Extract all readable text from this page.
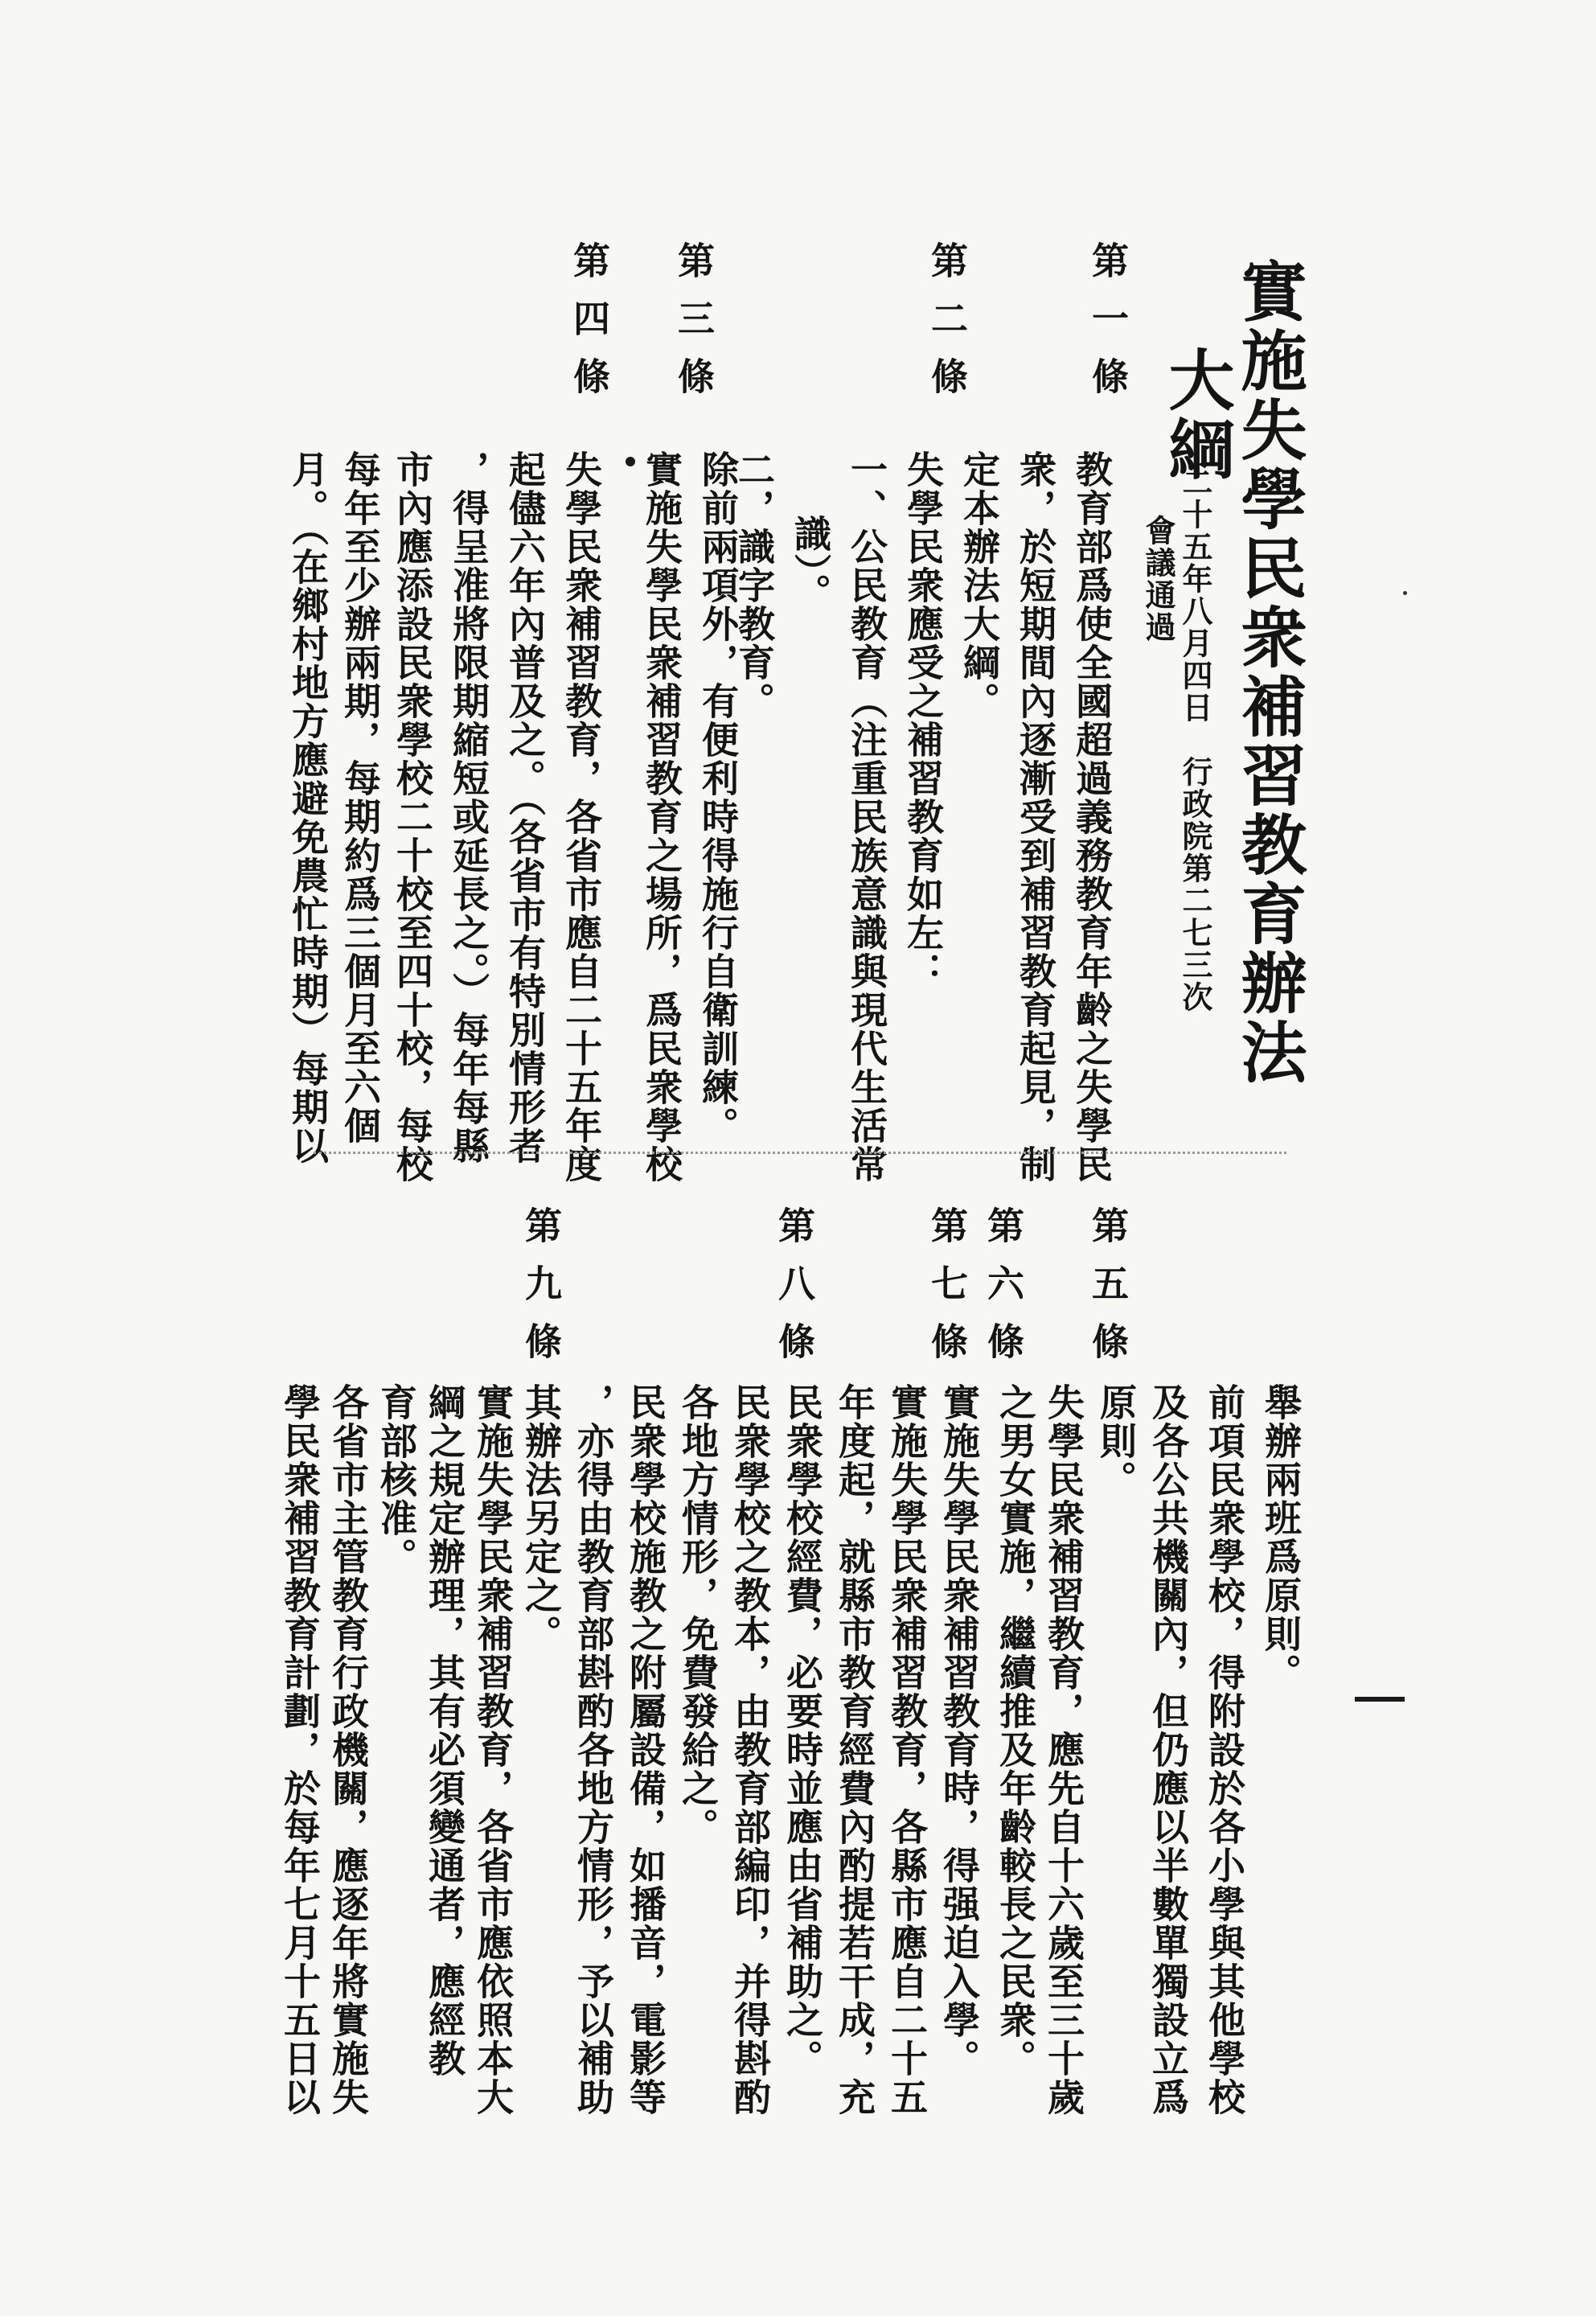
實施失學民衆補習教育辦法
大綱
二十五年八月四日　行政院第二七三次
會議通過
第一條
教育部爲使全國超過義務教育年齡之失學民
衆，於短期間內逐漸受到補習教育起見，制
定本辦法大綱。
第二條
失學民衆應受之補習教育如左：
一、公民教育（注重民族意識與現代生活常
識）。
二，識字教育。
第三條
除前兩項外，有便利時得施行自衛訓練。
實施失學民衆補習教育之場所，爲民衆學校
第四條
失學民衆補習教育，各省市應自二十五年度
起儘六年內普及之。（各省市有特別情形者
，得呈准將限期縮短或延長之。）每年每縣
市內應添設民衆學校二十校至四十校，每校
每年至少辦兩期，每期約爲三個月至六個
月。（在鄉村地方應避免農忙時期）每期以
舉辦兩班爲原則。
前項民衆學校，得附設於各小學與其他學校
及各公共機關內，但仍應以半數單獨設立爲
原則。
第五條
失學民衆補習教育，應先自十六歲至三十歲
第六條
之男女實施，繼續推及年齡較長之民衆。
實施失學民衆補習教育時，得强迫入學。
第七條
實施失學民衆補習教育，各縣市應自二十五
年度起，就縣市教育經費內酌提若干成，充
民衆學校經費，必要時並應由省補助之。
第八條
民衆學校之教本，由教育部編印，并得斟酌
各地方情形，免費發給之。
民衆學校施教之附屬設備，如播音，電影等
，亦得由教育部斟酌各地方情形，予以補助
其辦法另定之。
第九條
實施失學民衆補習教育，各省市應依照本大
綱之規定辦理，其有必須變通者，應經教
育部核准。
各省市主管教育行政機關，應逐年將實施失
學民衆補習教育計劃，於每年七月十五日以
